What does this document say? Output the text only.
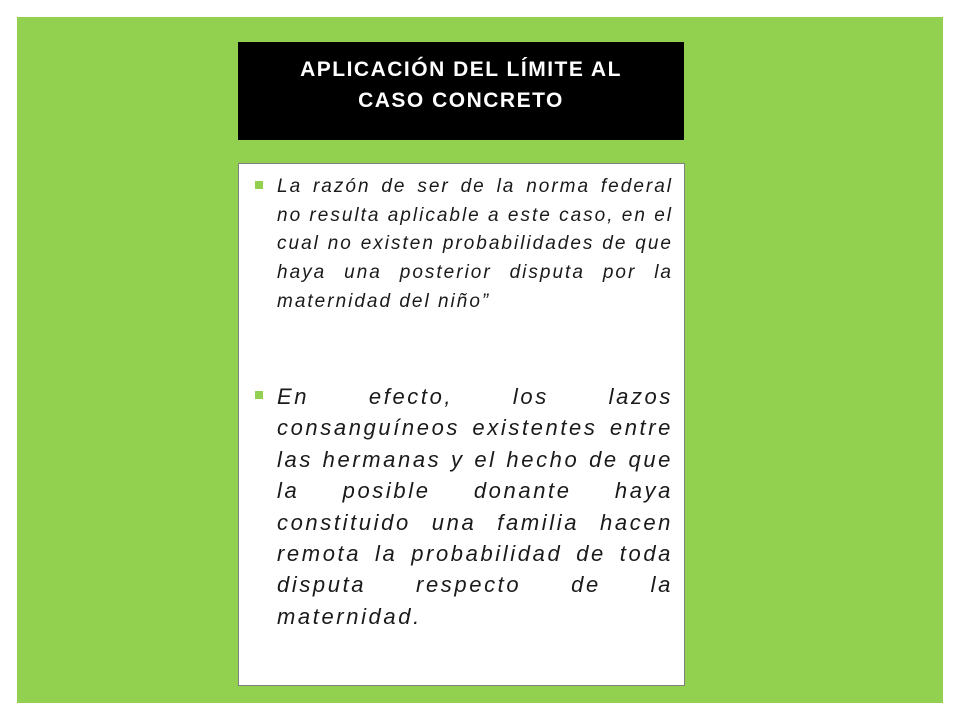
APLICACIÓN DEL LÍMITE AL CASO CONCRETO
La razón de ser de la norma federal no resulta aplicable a este caso, en el cual no existen probabilidades de que haya una posterior disputa por la maternidad del niño”
En efecto, los lazos consanguíneos existentes entre las hermanas y el hecho de que la posible donante haya constituido una familia hacen remota la probabilidad de toda disputa respecto de la maternidad.
